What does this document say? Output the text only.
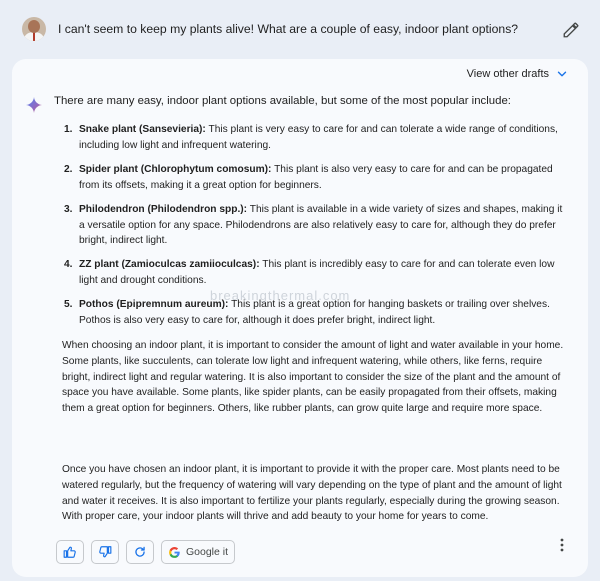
I can't seem to keep my plants alive! What are a couple of easy, indoor plant options?
View other drafts
There are many easy, indoor plant options available, but some of the most popular include:
1. Snake plant (Sansevieria): This plant is very easy to care for and can tolerate a wide range of conditions, including low light and infrequent watering.
2. Spider plant (Chlorophytum comosum): This plant is also very easy to care for and can be propagated from its offsets, making it a great option for beginners.
3. Philodendron (Philodendron spp.): This plant is available in a wide variety of sizes and shapes, making it a versatile option for any space. Philodendrons are also relatively easy to care for, although they do prefer bright, indirect light.
4. ZZ plant (Zamioculcas zamiioculcas): This plant is incredibly easy to care for and can tolerate even low light and drought conditions.
5. Pothos (Epipremnum aureum): This plant is a great option for hanging baskets or trailing over shelves. Pothos is also very easy to care for, although it does prefer bright, indirect light.
breakingthermal.com

When choosing an indoor plant, it is important to consider the amount of light and water available in your home. Some plants, like succulents, can tolerate low light and infrequent watering, while others, like ferns, require bright, indirect light and regular watering. It is also important to consider the size of the plant and the amount of space you have available. Some plants, like spider plants, can be easily propagated from their offsets, making them a great option for beginners. Others, like rubber plants, can grow quite large and require more space.

Once you have chosen an indoor plant, it is important to provide it with the proper care. Most plants need to be watered regularly, but the frequency of watering will vary depending on the type of plant and the amount of light and water it receives. It is also important to fertilize your plants regularly, especially during the growing season. With proper care, your indoor plants will thrive and add beauty to your home for years to come.

Google it
